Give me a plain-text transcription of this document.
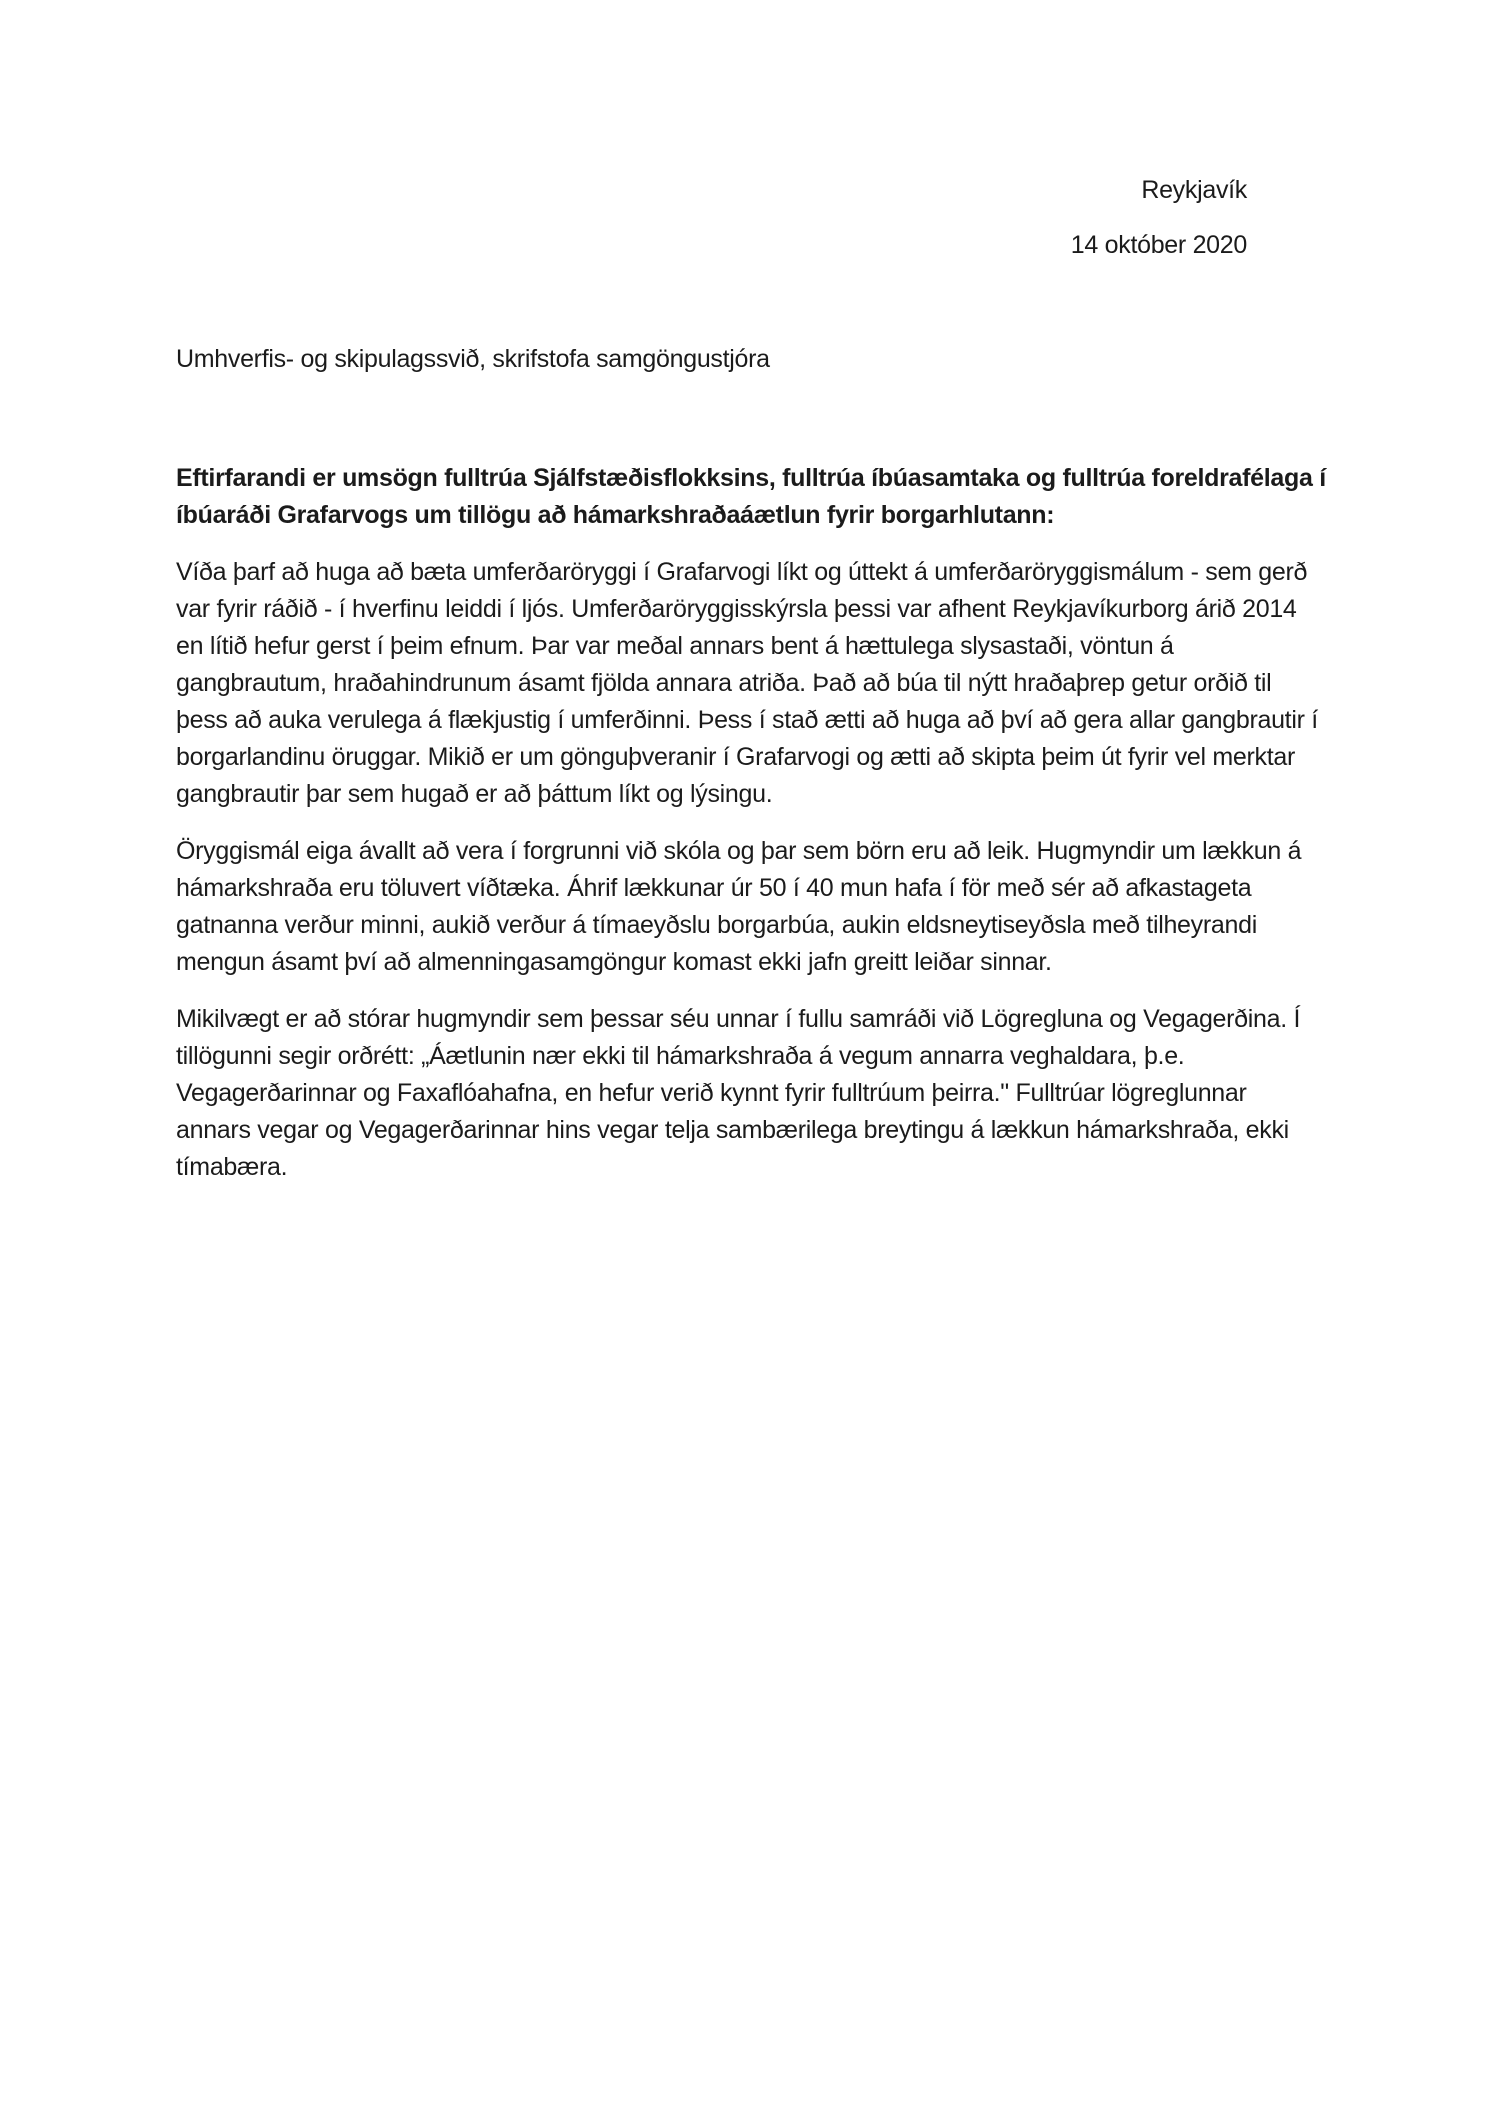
Reykjavík
14 október 2020
Umhverfis- og skipulagssvið, skrifstofa samgöngustjóra
Eftirfarandi er umsögn fulltrúa Sjálfstæðisflokksins, fulltrúa íbúasamtaka og fulltrúa foreldrafélaga í íbúaráði Grafarvogs um tillögu að hámarkshraðaáætlun fyrir borgarhlutann:

Víða þarf að huga að bæta umferðaröryggi í Grafarvogi líkt og úttekt á umferðaröryggismálum - sem gerð var fyrir ráðið - í hverfinu leiddi í ljós. Umferðaröryggisskýrsla þessi var afhent Reykjavíkurborg árið 2014 en lítið hefur gerst í þeim efnum. Þar var meðal annars bent á hættulega slysastaði, vöntun á gangbrautum, hraðahindrunum ásamt fjölda annara atriða. Það að búa til nýtt hraðaþrep getur orðið til þess að auka verulega á flækjustig í umferðinni. Þess í stað ætti að huga að því að gera allar gangbrautir í borgarlandinu öruggar. Mikið er um gönguþveranir í Grafarvogi og ætti að skipta þeim út fyrir vel merktar gangbrautir þar sem hugað er að þáttum líkt og lýsingu.

Öryggismál eiga ávallt að vera í forgrunni við skóla og þar sem börn eru að leik. Hugmyndir um lækkun á hámarkshraða eru töluvert víðtæka. Áhrif lækkunar úr 50 í 40 mun hafa í för með sér að afkastageta gatnanna verður minni, aukið verður á tímaeyðslu borgarbúa, aukin eldsneytiseyðsla með tilheyrandi mengun ásamt því að almenningasamgöngur komast ekki jafn greitt leiðar sinnar.

Mikilvægt er að stórar hugmyndir sem þessar séu unnar í fullu samráði við Lögregluna og Vegagerðina. Í tillögunni segir orðrétt: „Áætlunin nær ekki til hámarkshraða á vegum annarra veghaldara, þ.e. Vegagerðarinnar og Faxaflóahafna, en hefur verið kynnt fyrir fulltrúum þeirra." Fulltrúar lögreglunnar annars vegar og Vegagerðarinnar hins vegar telja sambærilega breytingu á lækkun hámarkshraða, ekki tímabæra.
